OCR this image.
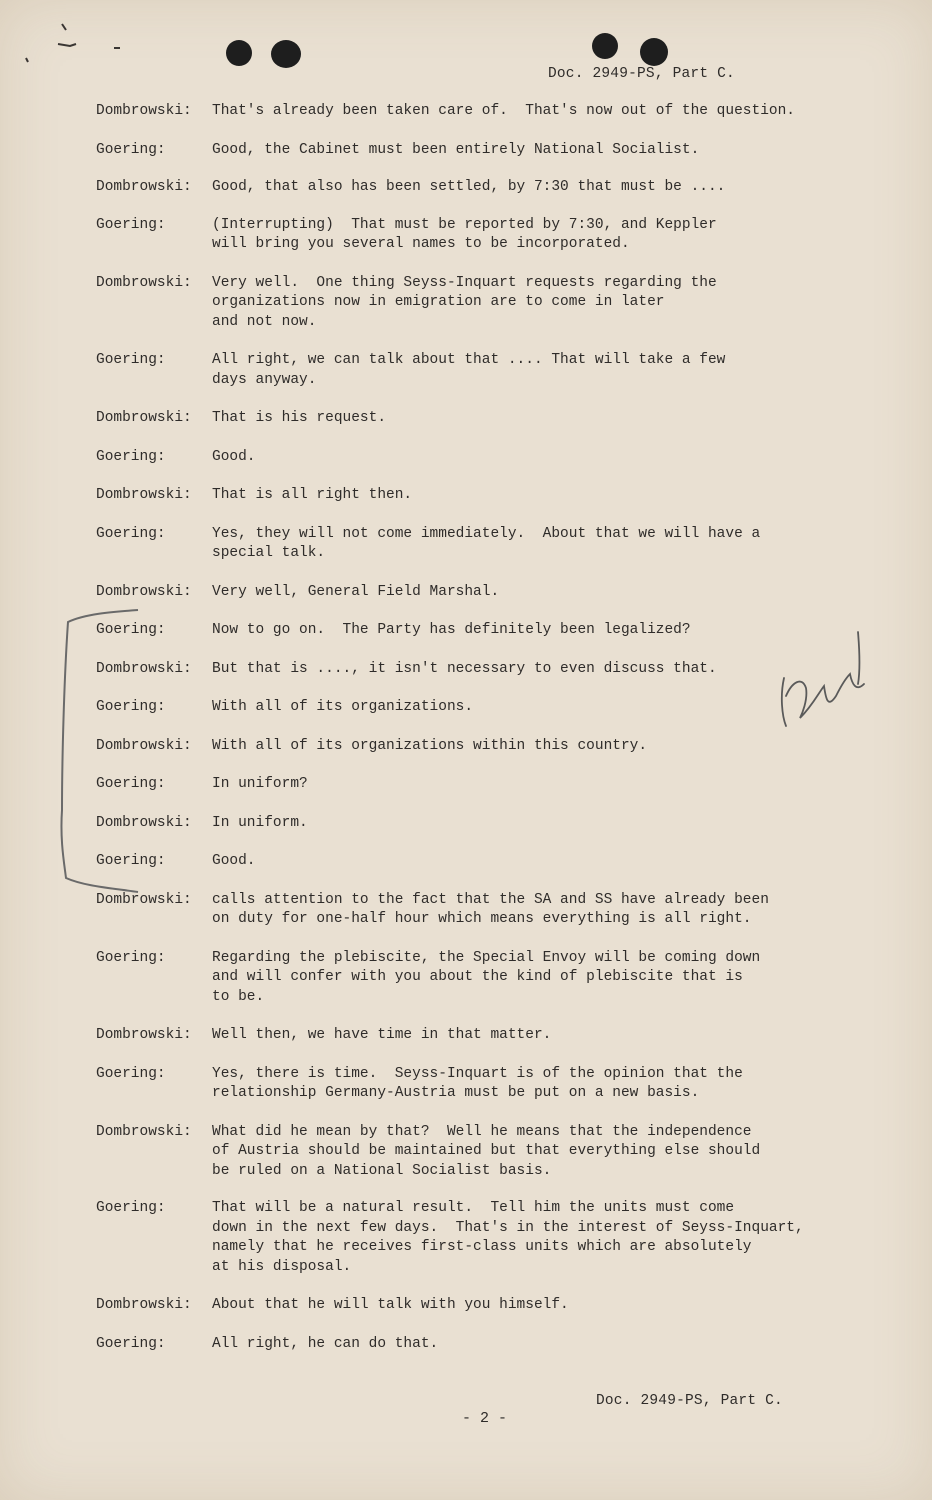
Doc. 2949-PS, Part C.
Dombrowski:	That's already been taken care of.  That's now out of the question.
Goering:	Good, the Cabinet must been entirely National Socialist.
Dombrowski:	Good, that also has been settled, by 7:30 that must be ....
Goering:	(Interrupting)  That must be reported by 7:30, and Keppler
will bring you several names to be incorporated.
Dombrowski:	Very well.  One thing Seyss-Inquart requests regarding the
organizations now in emigration are to come in later
and not now.
Goering:	All right, we can talk about that .... That will take a few
days anyway.
Dombrowski:	That is his request.
Goering:	Good.
Dombrowski:	That is all right then.
Goering:	Yes, they will not come immediately.  About that we will have a
special talk.
Dombrowski:	Very well, General Field Marshal.
Goering:	Now to go on.  The Party has definitely been legalized?
Dombrowski:	But that is ...., it isn't necessary to even discuss that.
Goering:	With all of its organizations.
Dombrowski:	With all of its organizations within this country.
Goering:	In uniform?
Dombrowski:	In uniform.
Goering:	Good.
Dombrowski:	calls attention to the fact that the SA and SS have already been
on duty for one-half hour which means everything is all right.
Goering:	Regarding the plebiscite, the Special Envoy will be coming down
and will confer with you about the kind of plebiscite that is
to be.
Dombrowski:	Well then, we have time in that matter.
Goering:	Yes, there is time.  Seyss-Inquart is of the opinion that the
relationship Germany-Austria must be put on a new basis.
Dombrowski:	What did he mean by that?  Well he means that the independence
of Austria should be maintained but that everything else should
be ruled on a National Socialist basis.
Goering:	That will be a natural result.  Tell him the units must come
down in the next few days.  That's in the interest of Seyss-Inquart,
namely that he receives first-class units which are absolutely
at his disposal.
Dombrowski:	About that he will talk with you himself.
Goering:	All right, he can do that.
Doc. 2949-PS, Part C.
- 2 -
